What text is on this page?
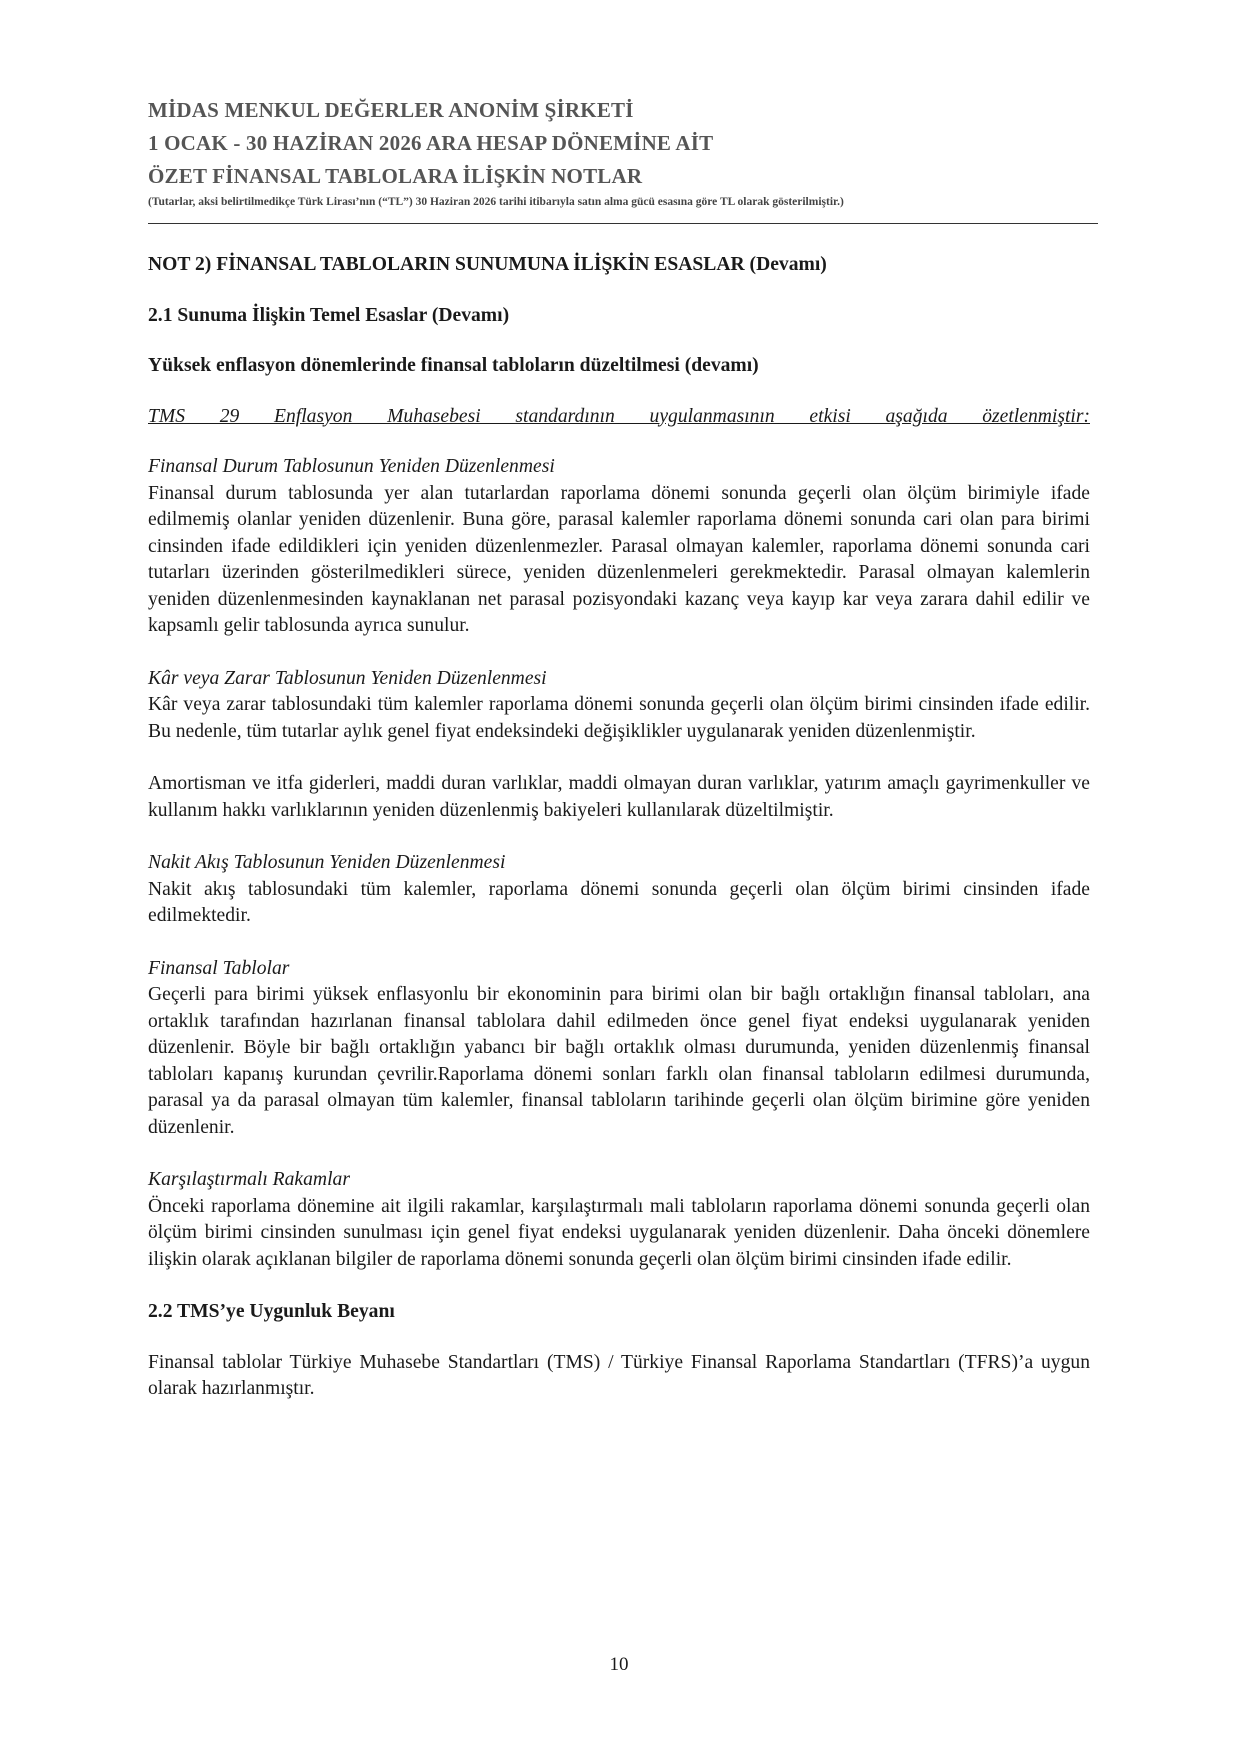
MİDAS MENKUL DEĞERLER ANONİM ŞİRKETİ
1 OCAK - 30 HAZİRAN 2026 ARA HESAP DÖNEMİNE AİT
ÖZET FİNANSAL TABLOLARA İLİŞKİN NOTLAR
(Tutarlar, aksi belirtilmedikçe Türk Lirası’nın (“TL”) 30 Haziran 2026 tarihi itibarıyla satın alma gücü esasına göre TL olarak gösterilmiştir.)
NOT 2) FİNANSAL TABLOLARIN SUNUMUNA İLİŞKİN ESASLAR (Devamı)
2.1 Sunuma İlişkin Temel Esaslar (Devamı)
Yüksek enflasyon dönemlerinde finansal tabloların düzeltilmesi (devamı)
TMS 29 Enflasyon Muhasebesi standardının uygulanmasının etkisi aşağıda özetlenmiştir:
Finansal Durum Tablosunun Yeniden Düzenlenmesi

Finansal durum tablosunda yer alan tutarlardan raporlama dönemi sonunda geçerli olan ölçüm birimiyle ifade edilmemiş olanlar yeniden düzenlenir. Buna göre, parasal kalemler raporlama dönemi sonunda cari olan para birimi cinsinden ifade edildikleri için yeniden düzenlenmezler. Parasal olmayan kalemler, raporlama dönemi sonunda cari tutarları üzerinden gösterilmedikleri sürece, yeniden düzenlenmeleri gerekmektedir. Parasal olmayan kalemlerin yeniden düzenlenmesinden kaynaklanan net parasal pozisyondaki kazanç veya kayıp kar veya zarara dahil edilir ve kapsamlı gelir tablosunda ayrıca sunulur.

Kâr veya Zarar Tablosunun Yeniden Düzenlenmesi

Kâr veya zarar tablosundaki tüm kalemler raporlama dönemi sonunda geçerli olan ölçüm birimi cinsinden ifade edilir. Bu nedenle, tüm tutarlar aylık genel fiyat endeksindeki değişiklikler uygulanarak yeniden düzenlenmiştir.

Amortisman ve itfa giderleri, maddi duran varlıklar, maddi olmayan duran varlıklar, yatırım amaçlı gayrimenkuller ve kullanım hakkı varlıklarının yeniden düzenlenmiş bakiyeleri kullanılarak düzeltilmiştir.

Nakit Akış Tablosunun Yeniden Düzenlenmesi

Nakit akış tablosundaki tüm kalemler, raporlama dönemi sonunda geçerli olan ölçüm birimi cinsinden ifade edilmektedir.

Finansal Tablolar

Geçerli para birimi yüksek enflasyonlu bir ekonominin para birimi olan bir bağlı ortaklığın finansal tabloları, ana ortaklık tarafından hazırlanan finansal tablolara dahil edilmeden önce genel fiyat endeksi uygulanarak yeniden düzenlenir. Böyle bir bağlı ortaklığın yabancı bir bağlı ortaklık olması durumunda, yeniden düzenlenmiş finansal tabloları kapanış kurundan çevrilir.Raporlama dönemi sonları farklı olan finansal tabloların edilmesi durumunda, parasal ya da parasal olmayan tüm kalemler, finansal tabloların tarihinde geçerli olan ölçüm birimine göre yeniden düzenlenir.

Karşılaştırmalı Rakamlar

Önceki raporlama dönemine ait ilgili rakamlar, karşılaştırmalı mali tabloların raporlama dönemi sonunda geçerli olan ölçüm birimi cinsinden sunulması için genel fiyat endeksi uygulanarak yeniden düzenlenir. Daha önceki dönemlere ilişkin olarak açıklanan bilgiler de raporlama dönemi sonunda geçerli olan ölçüm birimi cinsinden ifade edilir.

2.2 TMS’ye Uygunluk Beyanı

Finansal tablolar Türkiye Muhasebe Standartları (TMS) / Türkiye Finansal Raporlama Standartları (TFRS)’a uygun olarak hazırlanmıştır.

10
